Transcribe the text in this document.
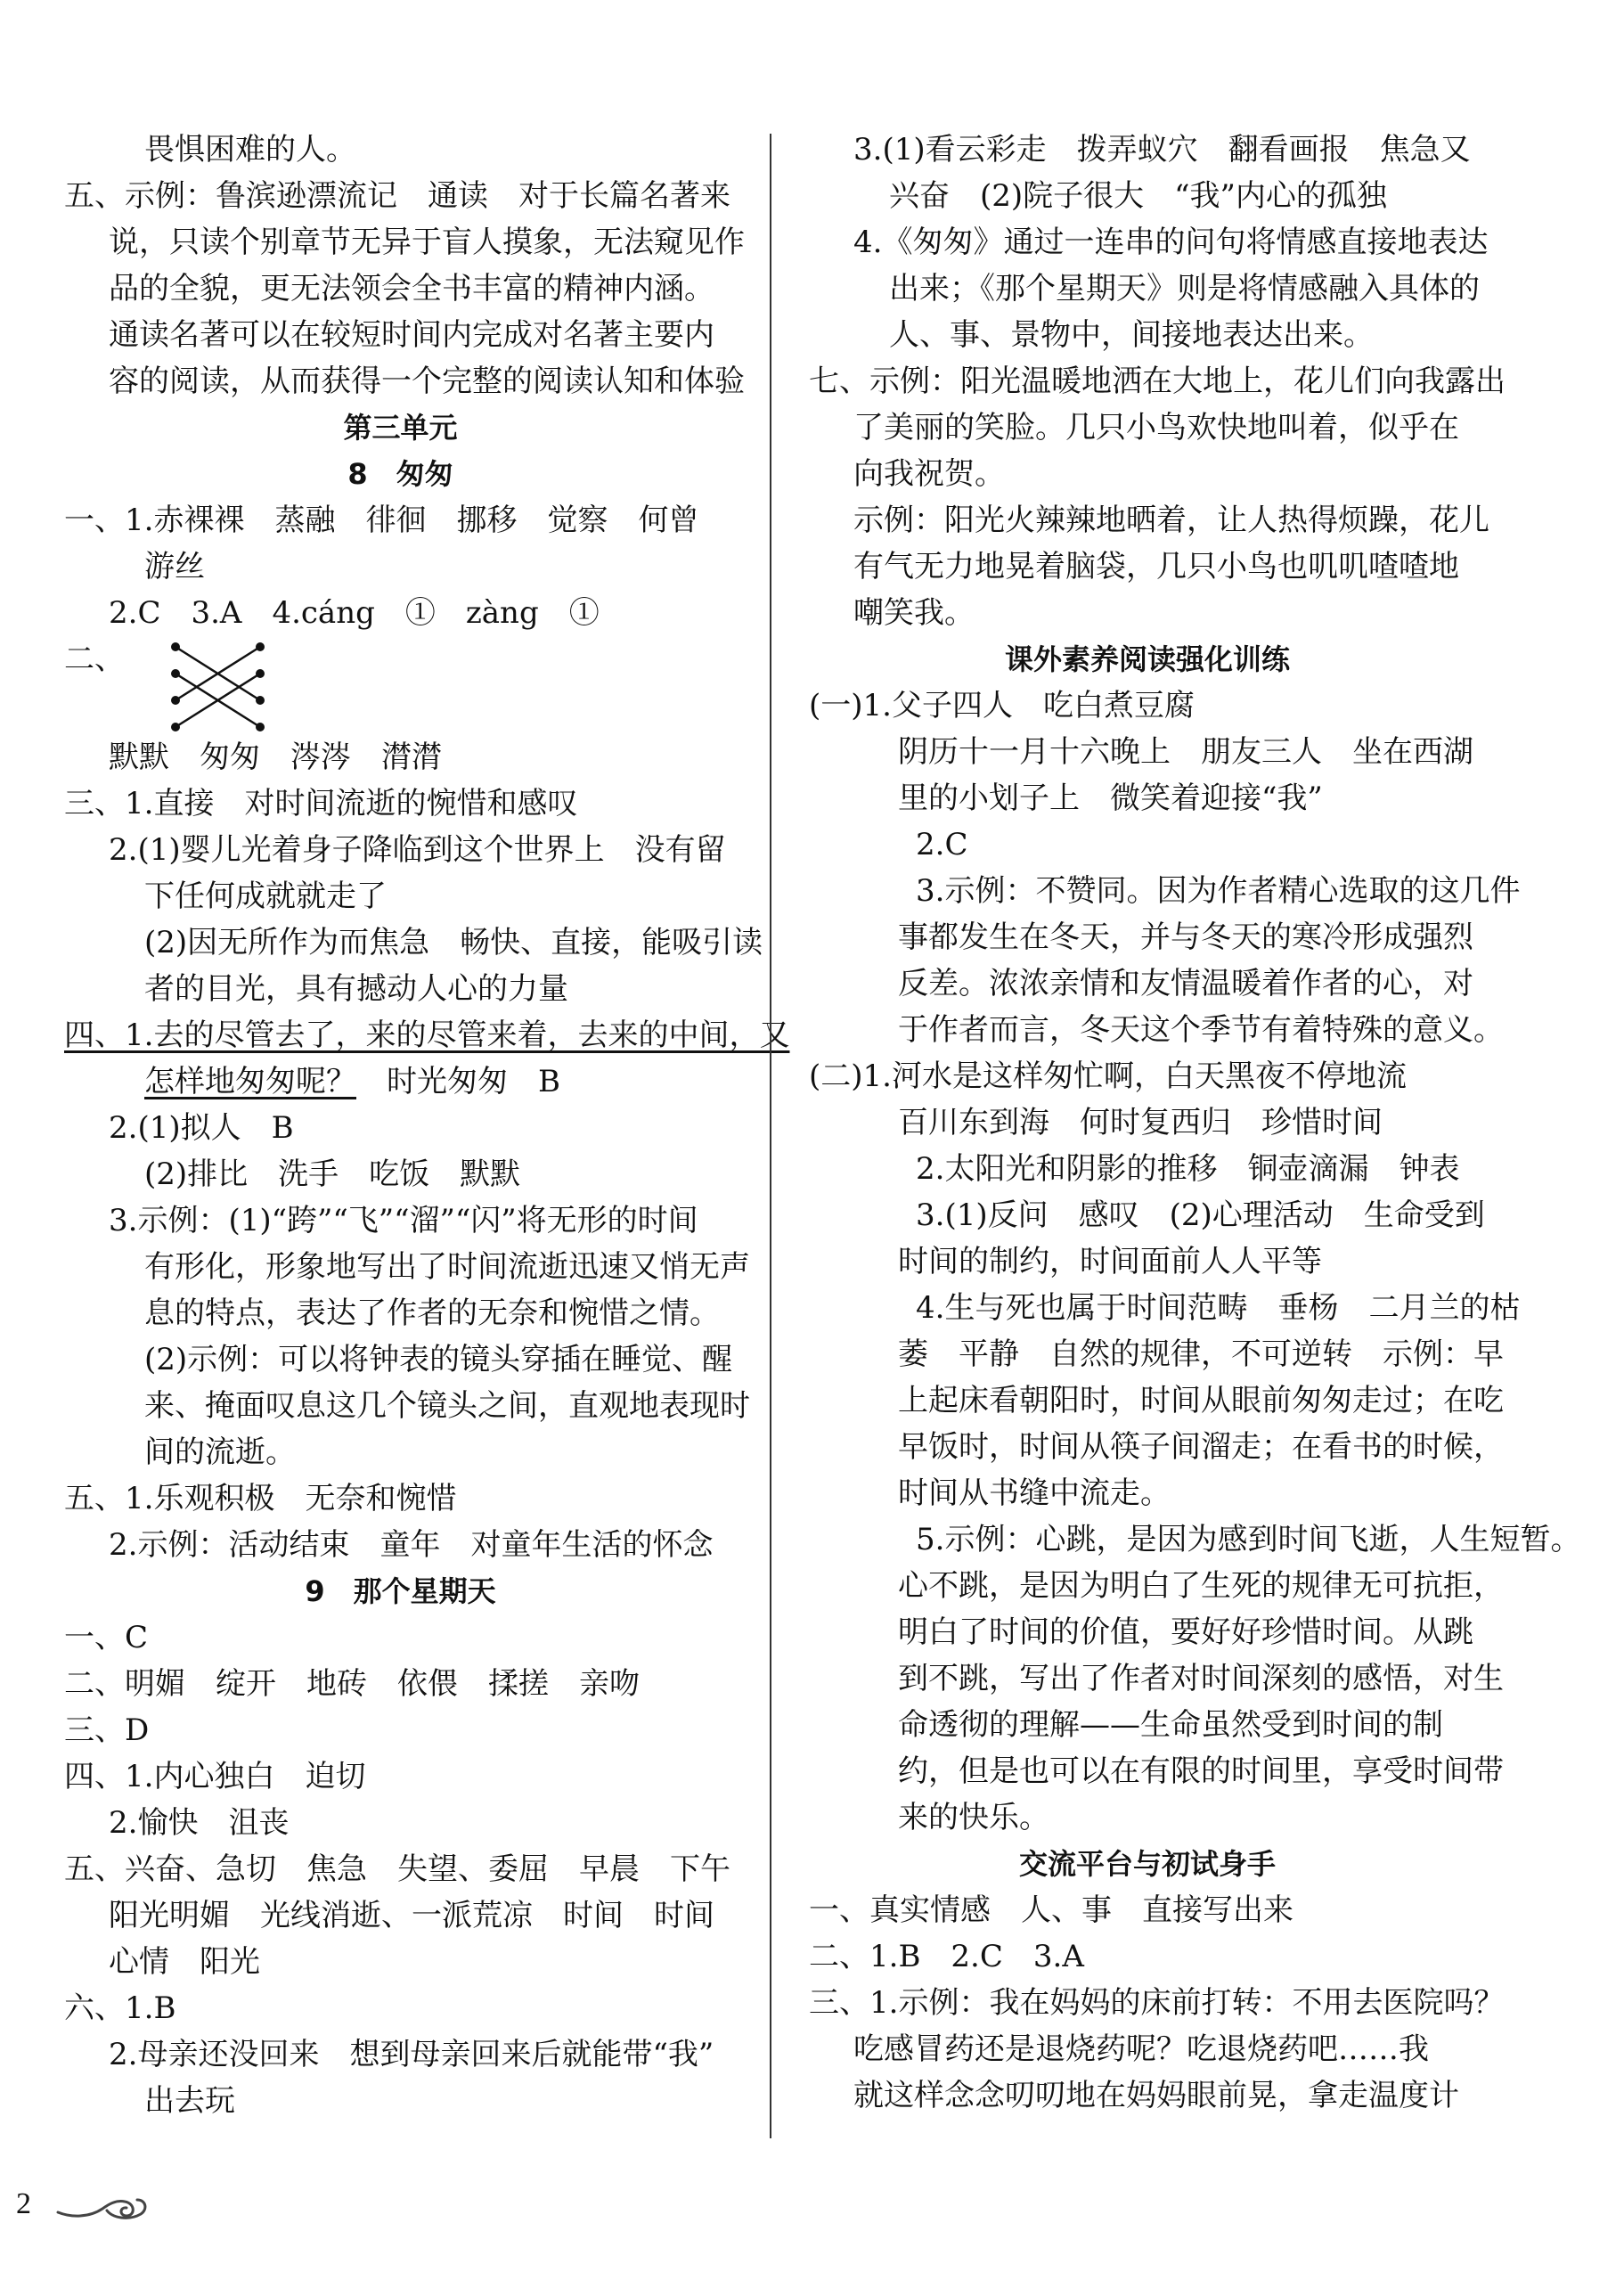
畏惧困难的人。
五、示例：鲁滨逊漂流记　通读　对于长篇名著来
说，只读个别章节无异于盲人摸象，无法窥见作
品的全貌，更无法领会全书丰富的精神内涵。
通读名著可以在较短时间内完成对名著主要内
容的阅读，从而获得一个完整的阅读认知和体验
第三单元
8　匆匆
一、1.赤裸裸　蒸融　徘徊　挪移　觉察　何曾
游丝
2.C　3.A　4.cáng　①　zàng　①
二、
默默　匆匆　涔涔　潸潸
三、1.直接　对时间流逝的惋惜和感叹
2.(1)婴儿光着身子降临到这个世界上　没有留
下任何成就就走了
(2)因无所作为而焦急　畅快、直接，能吸引读
者的目光，具有撼动人心的力量
四、1.去的尽管去了，来的尽管来着，去来的中间，又
怎样地匆匆呢？　时光匆匆　B
2.(1)拟人　B
(2)排比　洗手　吃饭　默默
3.示例：(1)“跨”“飞”“溜”“闪”将无形的时间
有形化，形象地写出了时间流逝迅速又悄无声
息的特点，表达了作者的无奈和惋惜之情。
(2)示例：可以将钟表的镜头穿插在睡觉、醒
来、掩面叹息这几个镜头之间，直观地表现时
间的流逝。
五、1.乐观积极　无奈和惋惜
2.示例：活动结束　童年　对童年生活的怀念
9　那个星期天
一、C
二、明媚　绽开　地砖　依偎　揉搓　亲吻
三、D
四、1.内心独白　迫切
2.愉快　沮丧
五、兴奋、急切　焦急　失望、委屈　早晨　下午
阳光明媚　光线消逝、一派荒凉　时间　时间
心情　阳光
六、1.B
2.母亲还没回来　想到母亲回来后就能带“我”
出去玩
3.(1)看云彩走　拨弄蚁穴　翻看画报　焦急又
兴奋　(2)院子很大　“我”内心的孤独
4.《匆匆》通过一连串的问句将情感直接地表达
出来；《那个星期天》则是将情感融入具体的
人、事、景物中，间接地表达出来。
七、示例：阳光温暖地洒在大地上，花儿们向我露出
了美丽的笑脸。几只小鸟欢快地叫着，似乎在
向我祝贺。
示例：阳光火辣辣地晒着，让人热得烦躁，花儿
有气无力地晃着脑袋，几只小鸟也叽叽喳喳地
嘲笑我。
课外素养阅读强化训练
(一)1.父子四人　吃白煮豆腐
阴历十一月十六晚上　朋友三人　坐在西湖
里的小划子上　微笑着迎接“我”
2.C
3.示例：不赞同。因为作者精心选取的这几件
事都发生在冬天，并与冬天的寒冷形成强烈
反差。浓浓亲情和友情温暖着作者的心，对
于作者而言，冬天这个季节有着特殊的意义。
(二)1.河水是这样匆忙啊，白天黑夜不停地流
百川东到海　何时复西归　珍惜时间
2.太阳光和阴影的推移　铜壶滴漏　钟表
3.(1)反问　感叹　(2)心理活动　生命受到
时间的制约，时间面前人人平等
4.生与死也属于时间范畴　垂杨　二月兰的枯
萎　平静　自然的规律，不可逆转　示例：早
上起床看朝阳时，时间从眼前匆匆走过；在吃
早饭时，时间从筷子间溜走；在看书的时候，
时间从书缝中流走。
5.示例：心跳，是因为感到时间飞逝，人生短暂。
心不跳，是因为明白了生死的规律无可抗拒，
明白了时间的价值，要好好珍惜时间。从跳
到不跳，写出了作者对时间深刻的感悟，对生
命透彻的理解——生命虽然受到时间的制
约，但是也可以在有限的时间里，享受时间带
来的快乐。
交流平台与初试身手
一、真实情感　人、事　直接写出来
二、1.B　2.C　3.A
三、1.示例：我在妈妈的床前打转：不用去医院吗？
吃感冒药还是退烧药呢？吃退烧药吧……我
就这样念念叨叨地在妈妈眼前晃，拿走温度计
2
